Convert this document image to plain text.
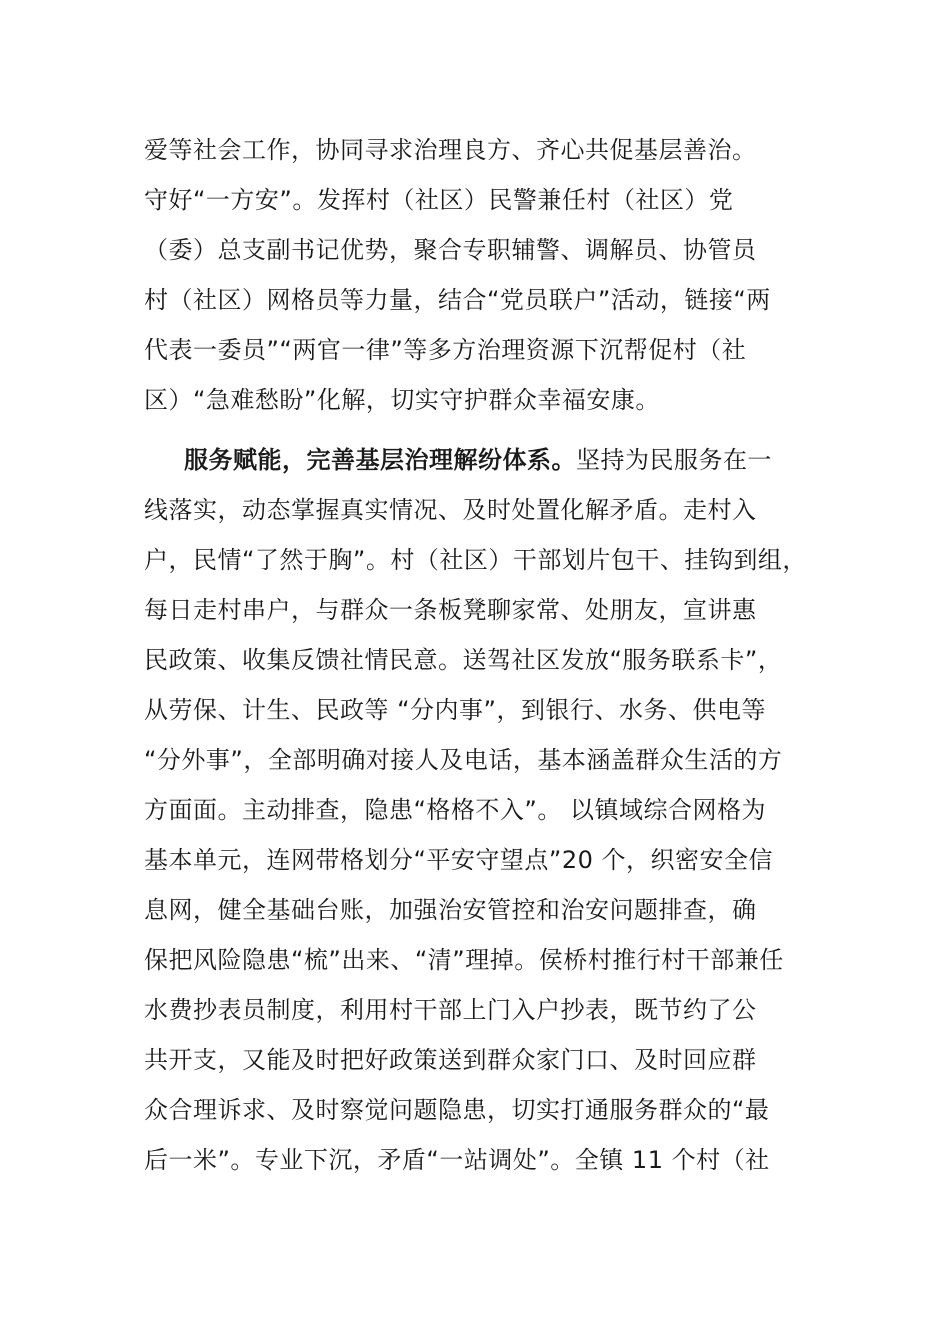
爱等社会工作，协同寻求治理良方、齐心共促基层善治。
守好“一方安”。发挥村（社区）民警兼任村（社区）党
（委）总支副书记优势，聚合专职辅警、调解员、协管员
村（社区）网格员等力量，结合“党员联户”活动，链接“两
代表一委员”“两官一律”等多方治理资源下沉帮促村（社
区）“急难愁盼”化解，切实守护群众幸福安康。
服务赋能，完善基层治理解纷体系。坚持为民服务在一
线落实，动态掌握真实情况、及时处置化解矛盾。走村入
户，民情“了然于胸”。村（社区）干部划片包干、挂钩到组，
每日走村串户，与群众一条板凳聊家常、处朋友，宣讲惠
民政策、收集反馈社情民意。送驾社区发放“服务联系卡”，
从劳保、计生、民政等 “分内事”，到银行、水务、供电等
“分外事”，全部明确对接人及电话，基本涵盖群众生活的方
方面面。主动排查，隐患“格格不入”。 以镇域综合网格为
基本单元，连网带格划分“平安守望点”20 个，织密安全信
息网，健全基础台账，加强治安管控和治安问题排查，确
保把风险隐患“梳”出来、“清”理掉。侯桥村推行村干部兼任
水费抄表员制度，利用村干部上门入户抄表，既节约了公
共开支，又能及时把好政策送到群众家门口、及时回应群
众合理诉求、及时察觉问题隐患，切实打通服务群众的“最
后一米”。专业下沉，矛盾“一站调处”。全镇 11 个村（社
